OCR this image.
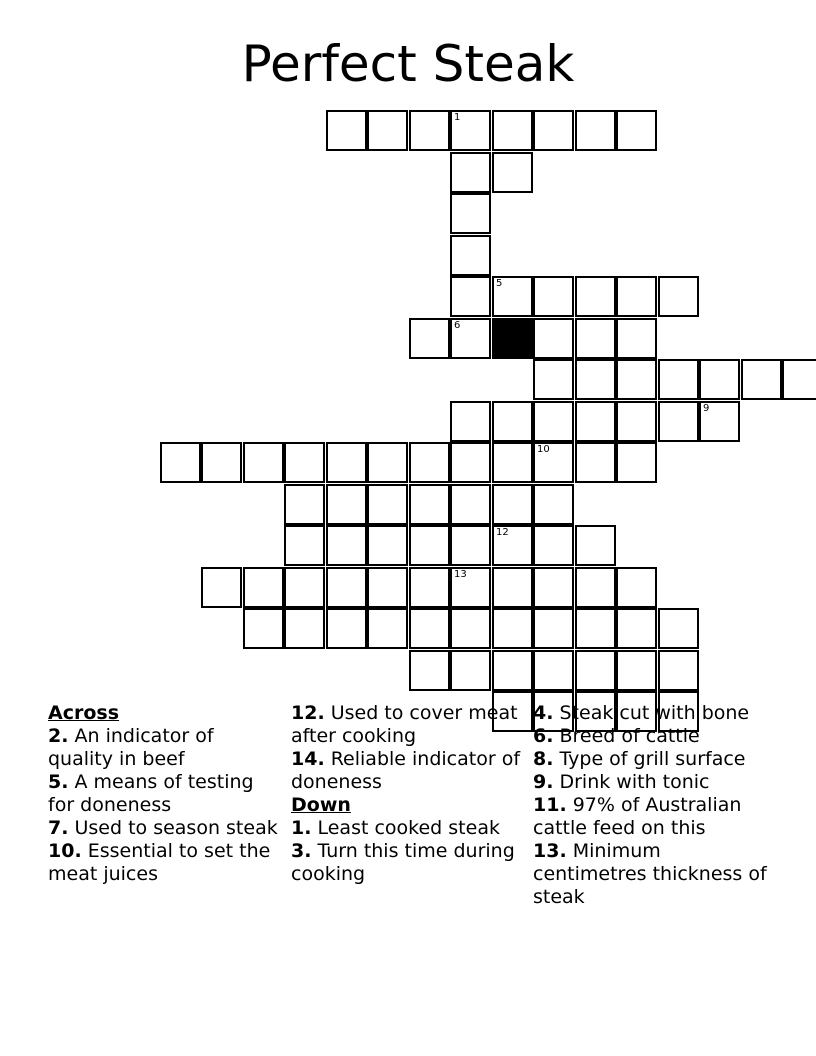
Perfect Steak
1
5
6
9
10
12
13
Across
2. An indicator of quality in beef
5. A means of testing for doneness
7. Used to season steak
10. Essential to set the meat juices
12. Used to cover meat after cooking
14. Reliable indicator of doneness
Down
1. Least cooked steak
3. Turn this time during cooking
4. Steak cut with bone
6. Breed of cattle
8. Type of grill surface
9. Drink with tonic
11. 97% of Australian cattle feed on this
13. Minimum centimetres thickness of steak
